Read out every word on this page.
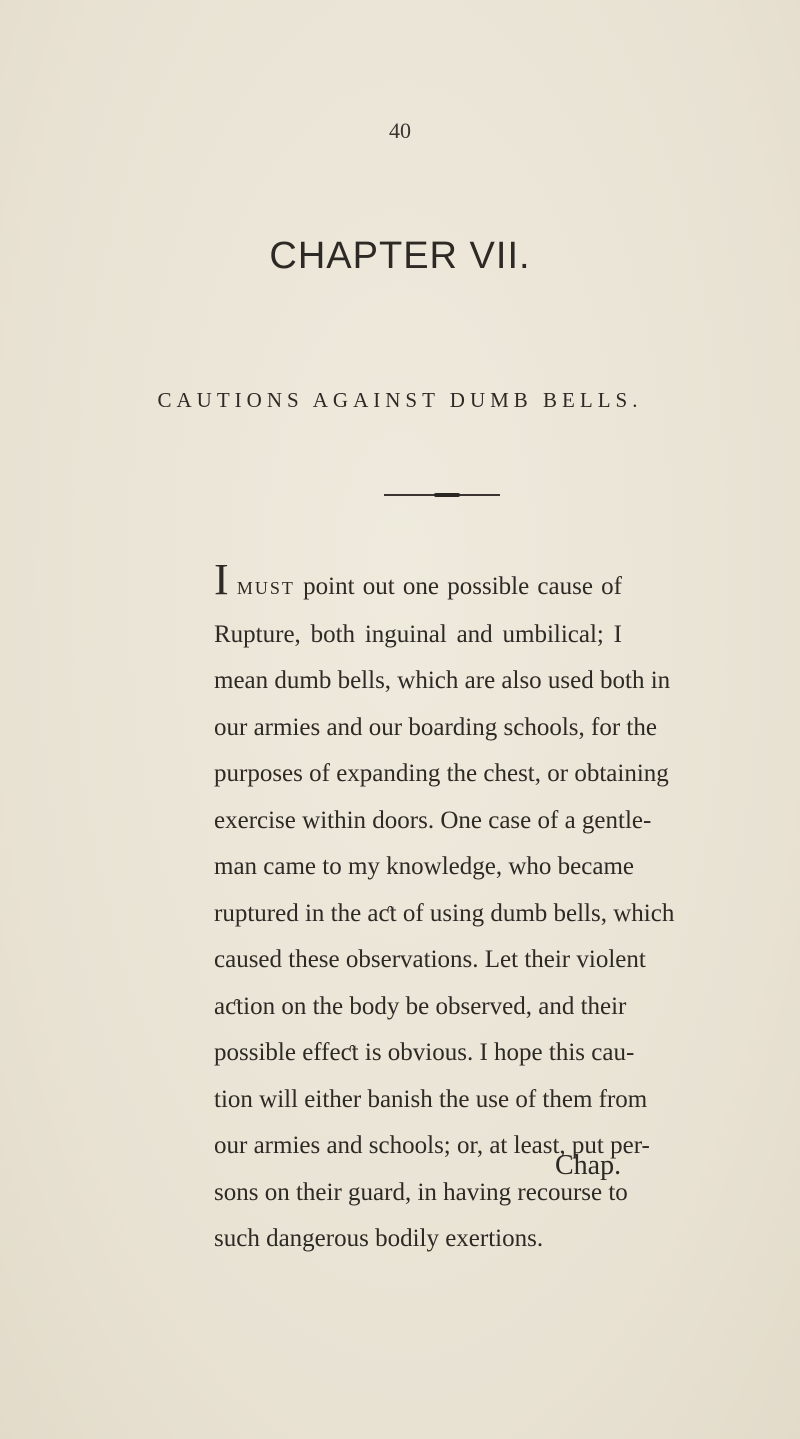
40
CHAPTER VII.
CAUTIONS AGAINST DUMB BELLS.
I MUST point out one possible cause of
Rupture, both inguinal and umbilical; I
mean dumb bells, which are also used both in
our armies and our boarding schools, for the
purposes of expanding the chest, or obtaining
exercise within doors. One case of a gentle-
man came to my knowledge, who became
ruptured in the aƈt of using dumb bells, which
caused these observations. Let their violent
aƈtion on the body be observed, and their
possible effeƈt is obvious. I hope this cau-
tion will either banish the use of them from
our armies and schools; or, at least, put per-
sons on their guard, in having recourse to
such dangerous bodily exertions.
Chap.
